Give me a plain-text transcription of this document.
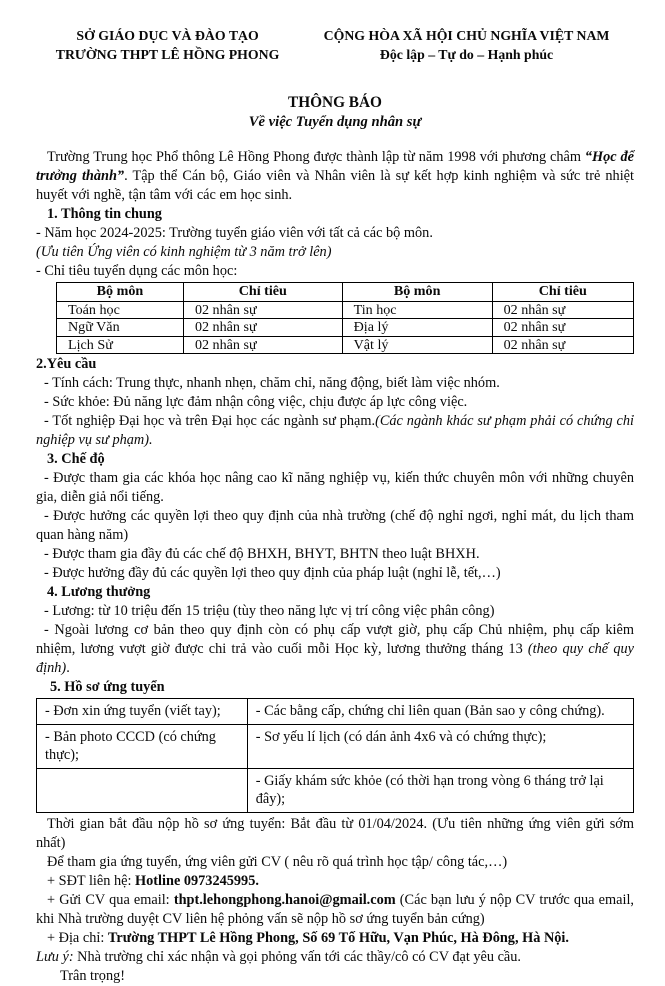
SỞ GIÁO DỤC VÀ ĐÀO TẠO
TRƯỜNG THPT LÊ HỒNG PHONG
CỘNG HÒA XÃ HỘI CHỦ NGHĨA VIỆT NAM
Độc lập – Tự do – Hạnh phúc
THÔNG BÁO
Về việc Tuyển dụng nhân sự

Trường Trung học Phổ thông Lê Hồng Phong được thành lập từ năm 1998 với phương châm “Học để trưởng thành”. Tập thể Cán bộ, Giáo viên và Nhân viên là sự kết hợp kinh nghiệm và sức trẻ nhiệt huyết với nghề, tận tâm với các em học sinh.

1. Thông tin chung

- Năm học 2024-2025: Trường tuyển giáo viên với tất cả các bộ môn.

(Ưu tiên Ứng viên có kinh nghiệm từ 3 năm trở lên)

- Chỉ tiêu tuyển dụng các môn học:

Bộ môn	Chỉ tiêu	Bộ môn	Chỉ tiêu
Toán học	02 nhân sự	Tin học	02 nhân sự
Ngữ Văn	02 nhân sự	Địa lý	02 nhân sự
Lịch Sử	02 nhân sự	Vật lý	02 nhân sự

2.Yêu cầu

- Tính cách: Trung thực, nhanh nhẹn, chăm chỉ, năng động, biết làm việc nhóm.

- Sức khỏe: Đủ năng lực đảm nhận công việc, chịu được áp lực công việc.

- Tốt nghiệp Đại học và trên Đại học các ngành sư phạm.(Các ngành khác sư phạm phải có chứng chỉ nghiệp vụ sư phạm).

3. Chế độ

- Được tham gia các khóa học nâng cao kĩ năng nghiệp vụ, kiến thức chuyên môn với những chuyên gia, diễn giả nổi tiếng.

- Được hưởng các quyền lợi theo quy định của nhà trường (chế độ nghỉ ngơi, nghỉ mát, du lịch tham quan hàng năm)

- Được tham gia đầy đủ các chế độ BHXH, BHYT, BHTN theo luật BHXH.

- Được hưởng đầy đủ các quyền lợi theo quy định của pháp luật (nghỉ lễ, tết,…)

4. Lương thưởng

- Lương: từ 10 triệu đến 15 triệu (tùy theo năng lực vị trí công việc phân công)

- Ngoài lương cơ bản theo quy định còn có phụ cấp vượt giờ, phụ cấp Chủ nhiệm, phụ cấp kiêm nhiệm, lương vượt giờ được chi trả vào cuối mỗi Học kỳ, lương thưởng tháng 13 (theo quy chế quy định).

5. Hồ sơ ứng tuyển

- Đơn xin ứng tuyển (viết tay);	- Các bằng cấp, chứng chỉ liên quan (Bản sao y công chứng).
- Bản photo CCCD (có chứng thực);	- Sơ yếu lí lịch (có dán ảnh 4x6 và có chứng thực);
	- Giấy khám sức khỏe (có thời hạn trong vòng 6 tháng trở lại đây);

Thời gian bắt đầu nộp hồ sơ ứng tuyển: Bắt đầu từ 01/04/2024. (Ưu tiên những ứng viên gửi sớm nhất)

Để tham gia ứng tuyển, ứng viên gửi CV ( nêu rõ quá trình học tập/ công tác,…)

+ SĐT liên hệ: Hotline 0973245995.

+ Gửi CV qua email: thpt.lehongphong.hanoi@gmail.com (Các bạn lưu ý nộp CV trước qua email, khi Nhà trường duyệt CV liên hệ phỏng vấn sẽ nộp hồ sơ ứng tuyển bản cứng)

+ Địa chỉ: Trường THPT Lê Hồng Phong, Số 69 Tố Hữu, Vạn Phúc, Hà Đông, Hà Nội.

Lưu ý: Nhà trường chỉ xác nhận và gọi phỏng vấn tới các thầy/cô có CV đạt yêu cầu.

Trân trọng!
